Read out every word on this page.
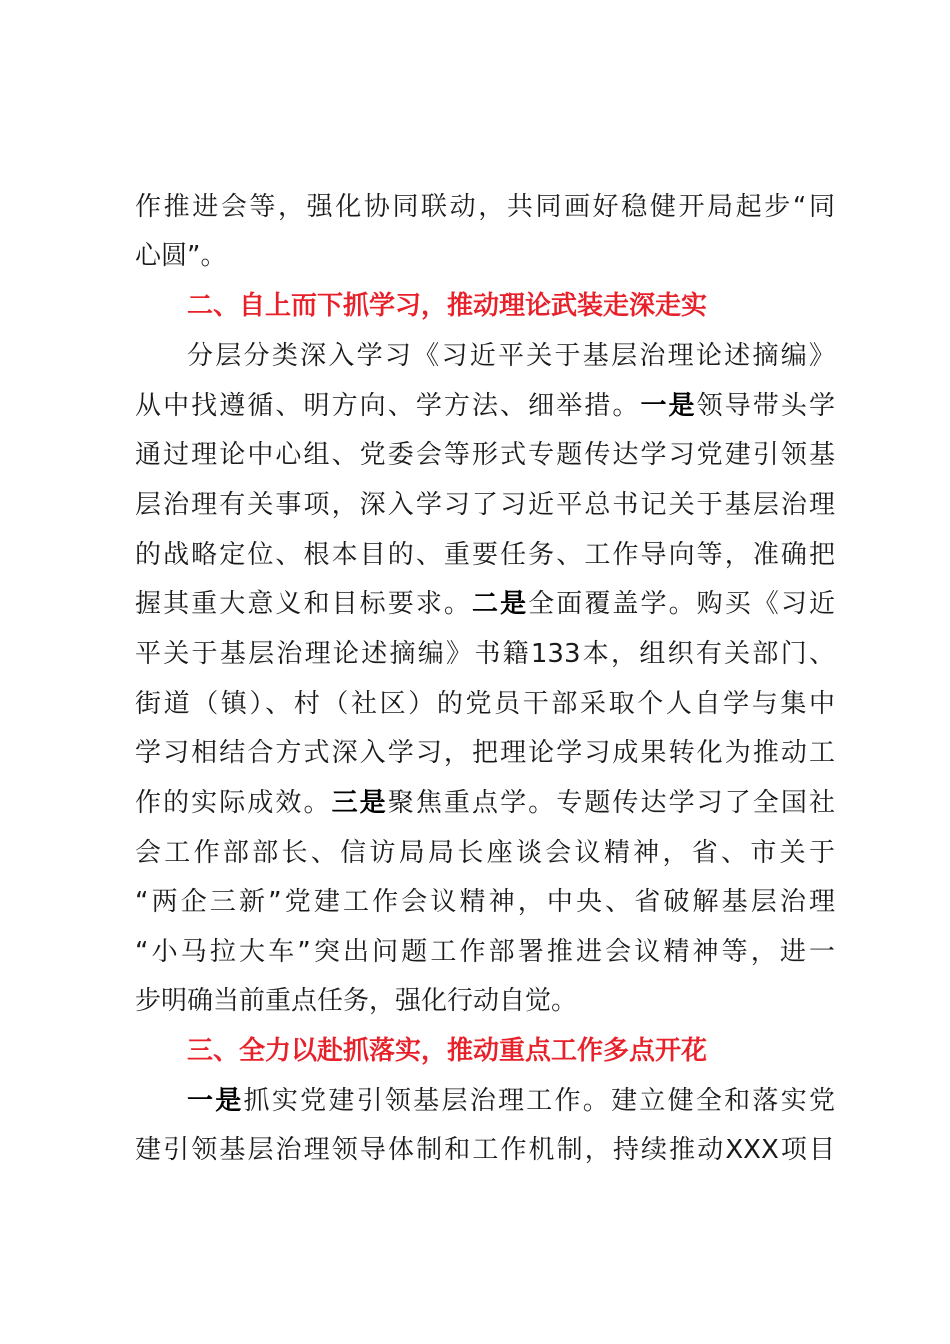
作推进会等，强化协同联动，共同画好稳健开局起步“同
心圆”。
二、自上而下抓学习，推动理论武装走深走实
分层分类深入学习《习近平关于基层治理论述摘编》
从中找遵循、明方向、学方法、细举措。一是领导带头学
通过理论中心组、党委会等形式专题传达学习党建引领基
层治理有关事项，深入学习了习近平总书记关于基层治理
的战略定位、根本目的、重要任务、工作导向等，准确把
握其重大意义和目标要求。二是全面覆盖学。购买《习近
平关于基层治理论述摘编》书籍133本，组织有关部门、
街道（镇）、村（社区）的党员干部采取个人自学与集中
学习相结合方式深入学习，把理论学习成果转化为推动工
作的实际成效。三是聚焦重点学。专题传达学习了全国社
会工作部部长、信访局局长座谈会议精神，省、市关于
“两企三新”党建工作会议精神，中央、省破解基层治理
“小马拉大车”突出问题工作部署推进会议精神等，进一
步明确当前重点任务，强化行动自觉。
三、全力以赴抓落实，推动重点工作多点开花
一是抓实党建引领基层治理工作。建立健全和落实党
建引领基层治理领导体制和工作机制，持续推动XXX项目
